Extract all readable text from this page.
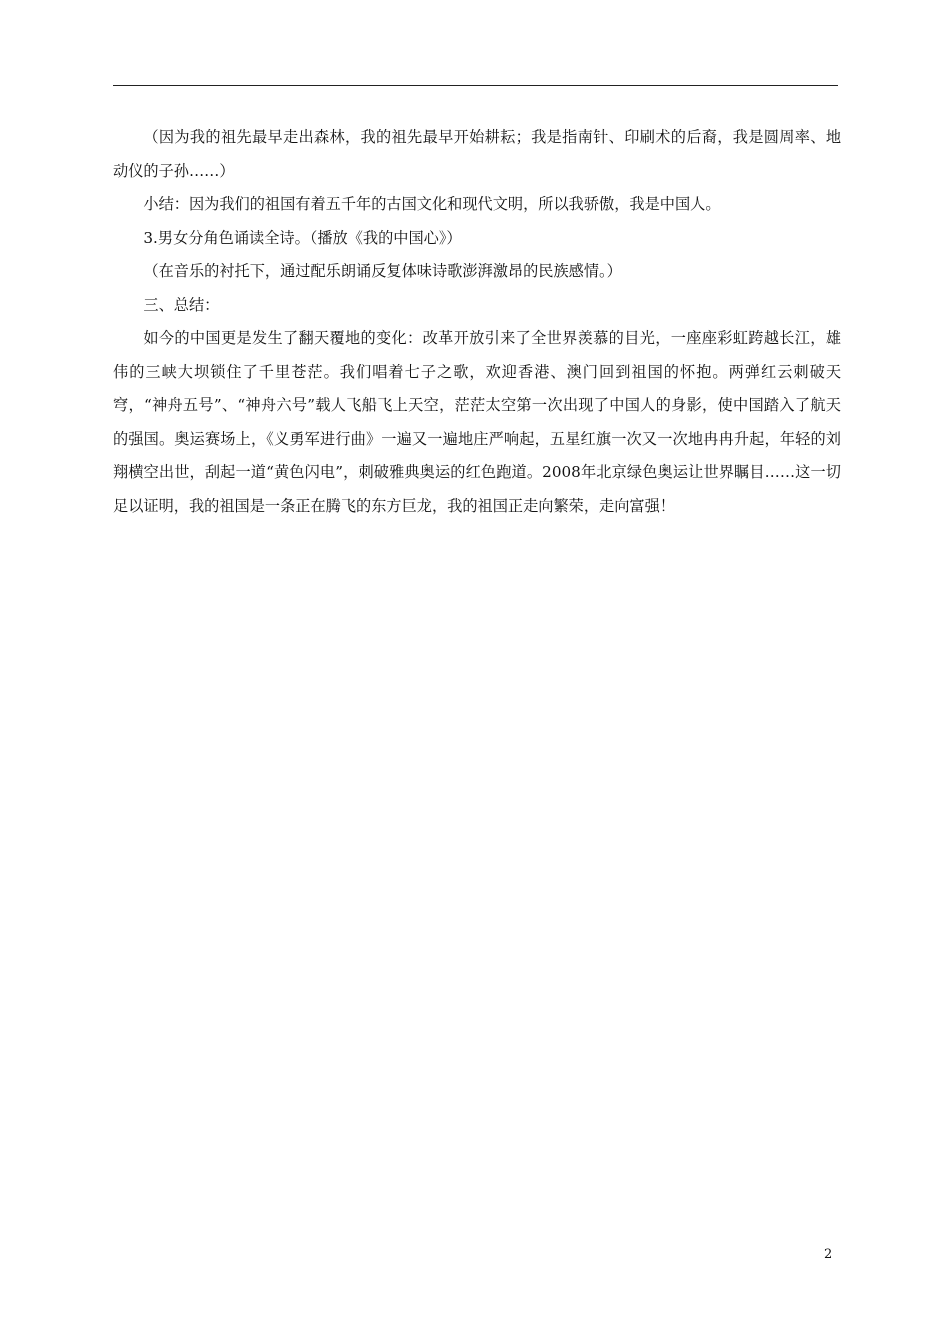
（因为我的祖先最早走出森林，我的祖先最早开始耕耘；我是指南针、印刷术的后裔，我是圆周率、地动仪的子孙……）

小结：因为我们的祖国有着五千年的古国文化和现代文明，所以我骄傲，我是中国人。

3.男女分角色诵读全诗。（播放《我的中国心》）

（在音乐的衬托下，通过配乐朗诵反复体味诗歌澎湃激昂的民族感情。）

三、总结：

如今的中国更是发生了翻天覆地的变化：改革开放引来了全世界羡慕的目光，一座座彩虹跨越长江，雄伟的三峡大坝锁住了千里苍茫。我们唱着七子之歌，欢迎香港、澳门回到祖国的怀抱。两弹红云刺破天穹，“神舟五号”、“神舟六号”载人飞船飞上天空，茫茫太空第一次出现了中国人的身影，使中国踏入了航天的强国。奥运赛场上，《义勇军进行曲》一遍又一遍地庄严响起，五星红旗一次又一次地冉冉升起，年轻的刘翔横空出世，刮起一道“黄色闪电”，刺破雅典奥运的红色跑道。2008年北京绿色奥运让世界瞩目……这一切足以证明，我的祖国是一条正在腾飞的东方巨龙，我的祖国正走向繁荣，走向富强！

2
